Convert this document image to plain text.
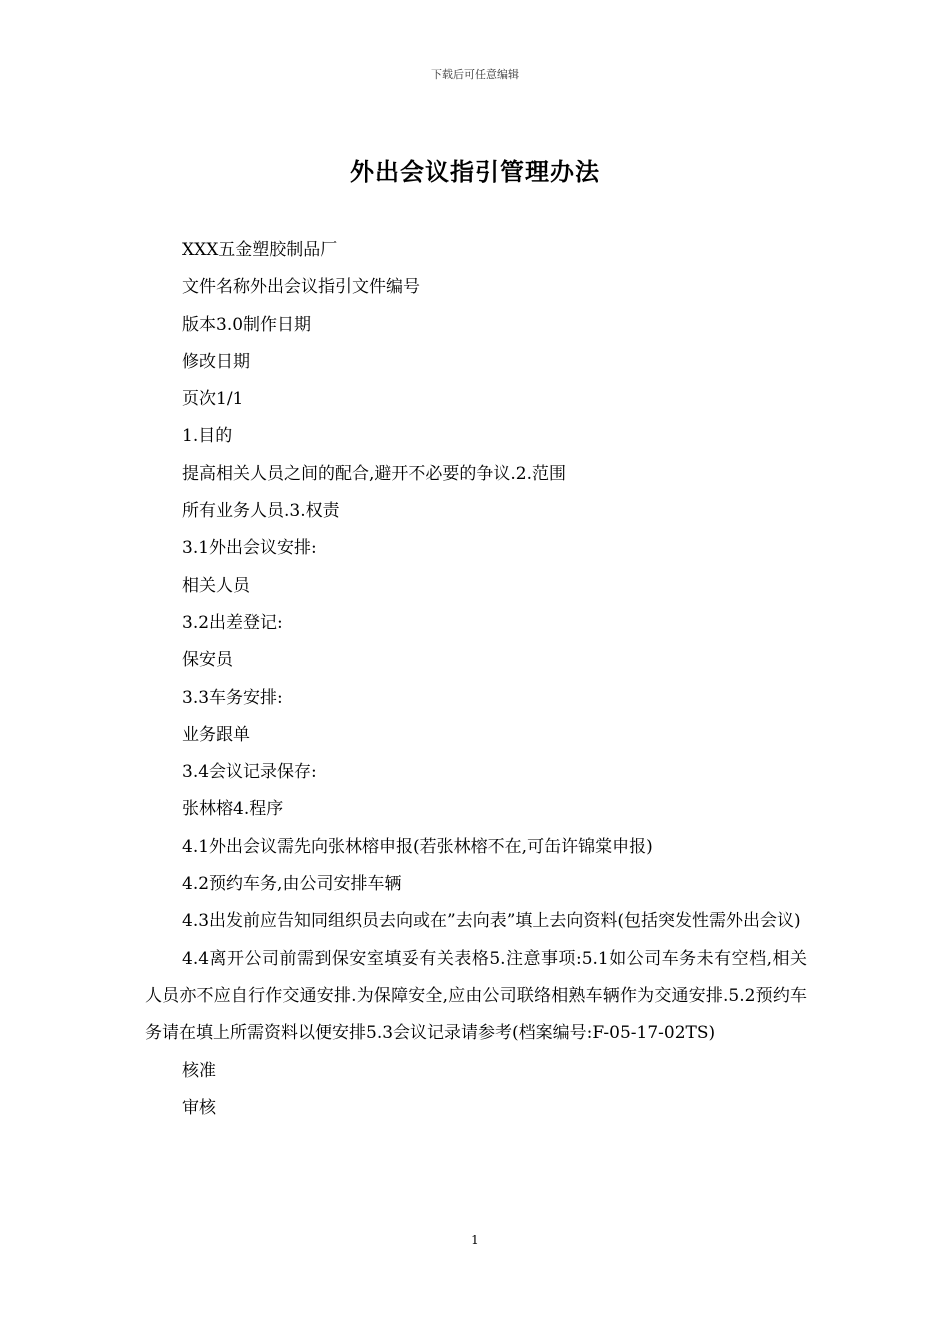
下载后可任意编辑
外出会议指引管理办法
XXX五金塑胶制品厂
文件名称外出会议指引文件编号
版本3.0制作日期
修改日期
页次1/1
1.目的
提高相关人员之间的配合,避开不必要的争议.2.范围
所有业务人员.3.权责
3.1外出会议安排:
相关人员
3.2出差登记:
保安员
3.3车务安排:
业务跟单
3.4会议记录保存:
张林榕4.程序
4.1外出会议需先向张林榕申报(若张林榕不在,可缶许锦棠申报)
4.2预约车务,由公司安排车辆
4.3出发前应告知同组织员去向或在”去向表”填上去向资料(包括突发性需外出会议)
4.4离开公司前需到保安室填妥有关表格5.注意事项:5.1如公司车务未有空档,相关人员亦不应自行作交通安排.为保障安全,应由公司联络相熟车辆作为交通安排.5.2预约车务请在填上所需资料以便安排5.3会议记录请参考(档案编号:F-05-17-02TS)
核准
审核
1
